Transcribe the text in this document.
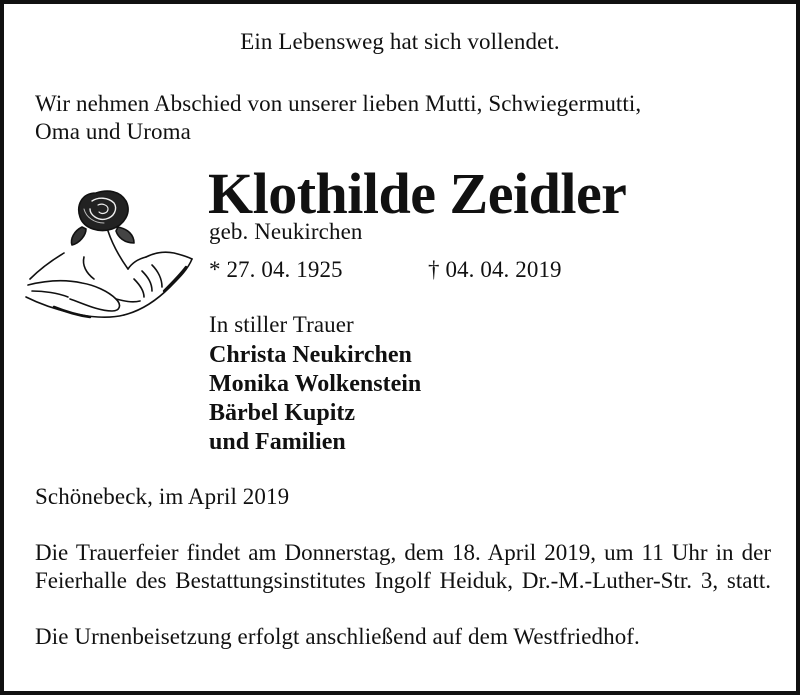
Ein Lebensweg hat sich vollendet.

Wir nehmen Abschied von unserer lieben Mutti, Schwiegermutti,

Oma und Uroma

Klothilde Zeidler

geb. Neukirchen

* 27. 04. 1925	† 04. 04. 2019

In stiller Trauer

Christa Neukirchen

Monika Wolkenstein

Bärbel Kupitz

und Familien

Schönebeck, im April 2019

Die Trauerfeier findet am Donnerstag, dem 18. April 2019, um 11 Uhr in der Feierhalle des Bestattungsinstitutes Ingolf Heiduk, Dr.-M.-Luther-Str. 3, statt.

Die Urnenbeisetzung erfolgt anschließend auf dem Westfriedhof.
